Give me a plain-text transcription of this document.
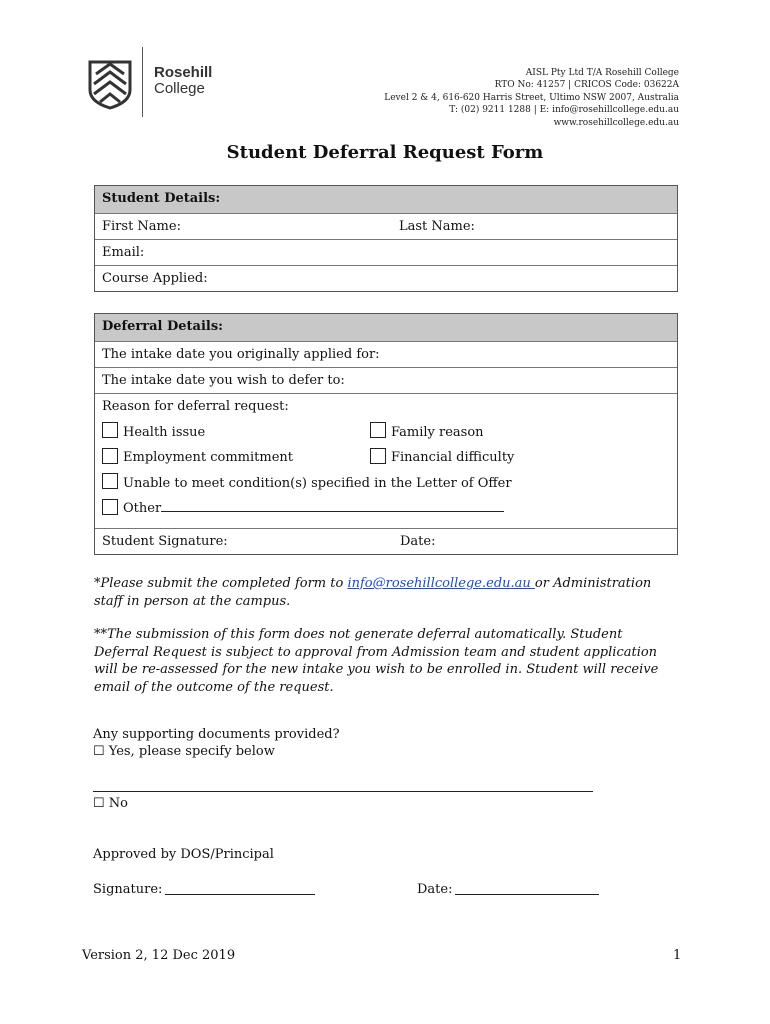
Rosehill
College
AISL Pty Ltd T/A Rosehill College
RTO No: 41257 | CRICOS Code: 03622A
Level 2 & 4, 616-620 Harris Street, Ultimo NSW 2007, Australia
T: (02) 9211 1288 | E: info@rosehillcollege.edu.au
www.rosehillcollege.edu.au
Student Deferral Request Form
Student Details:
First Name:	Last Name:
Email:
Course Applied:
Deferral Details:
The intake date you originally applied for:
The intake date you wish to defer to:
Reason for deferral request:
Health issue	Family reason
Employment commitment	Financial difficulty
Unable to meet condition(s) specified in the Letter of Offer
Other
Student Signature:	Date:
*Please submit the completed form to info@rosehillcollege.edu.au or Administration staff in person at the campus.
**The submission of this form does not generate deferral automatically. Student Deferral Request is subject to approval from Admission team and student application will be re-assessed for the new intake you wish to be enrolled in. Student will receive email of the outcome of the request.
Any supporting documents provided?
☐ Yes, please specify below
☐ No
Approved by DOS/Principal
Signature:	Date:
Version 2, 12 Dec 2019	1
